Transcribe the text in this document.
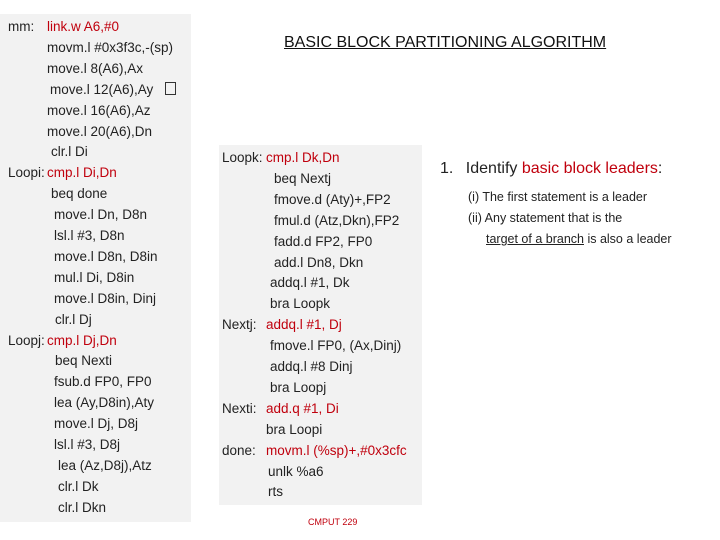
BASIC BLOCK PARTITIONING ALGORITHM
mm: link.w A6,#0
movm.l #0x3f3c,-(sp)
move.l 8(A6),Ax
move.l 12(A6),Ay
move.l 16(A6),Az
move.l 20(A6),Dn
clr.l Di
Loopi: cmp.l Di,Dn
beq done
move.l Dn, D8n
lsl.l #3, D8n
move.l D8n, D8in
mul.l Di, D8in
move.l D8in, Dinj
clr.l Dj
Loopj: cmp.l Dj,Dn
beq Nexti
fsub.d FP0, FP0
lea (Ay,D8in),Aty
move.l Dj, D8j
lsl.l #3, D8j
lea (Az,D8j),Atz
clr.l Dk
clr.l Dkn
Loopk: cmp.l Dk,Dn
beq Nextj
fmove.d (Aty)+,FP2
fmul.d (Atz,Dkn),FP2
fadd.d FP2, FP0
add.l Dn8, Dkn
addq.l #1, Dk
bra Loopk
Nextj: addq.l #1, Dj
fmove.l FP0, (Ax,Dinj)
addq.l #8 Dinj
bra Loopj
Nexti: add.q #1, Di
bra Loopi
done: movm.l (%sp)+,#0x3cfc
unlk %a6
rts
1. Identify basic block leaders:
(i) The first statement is a leader
(ii) Any statement that is the
target of a branch is also a leader
CMPUT 229
